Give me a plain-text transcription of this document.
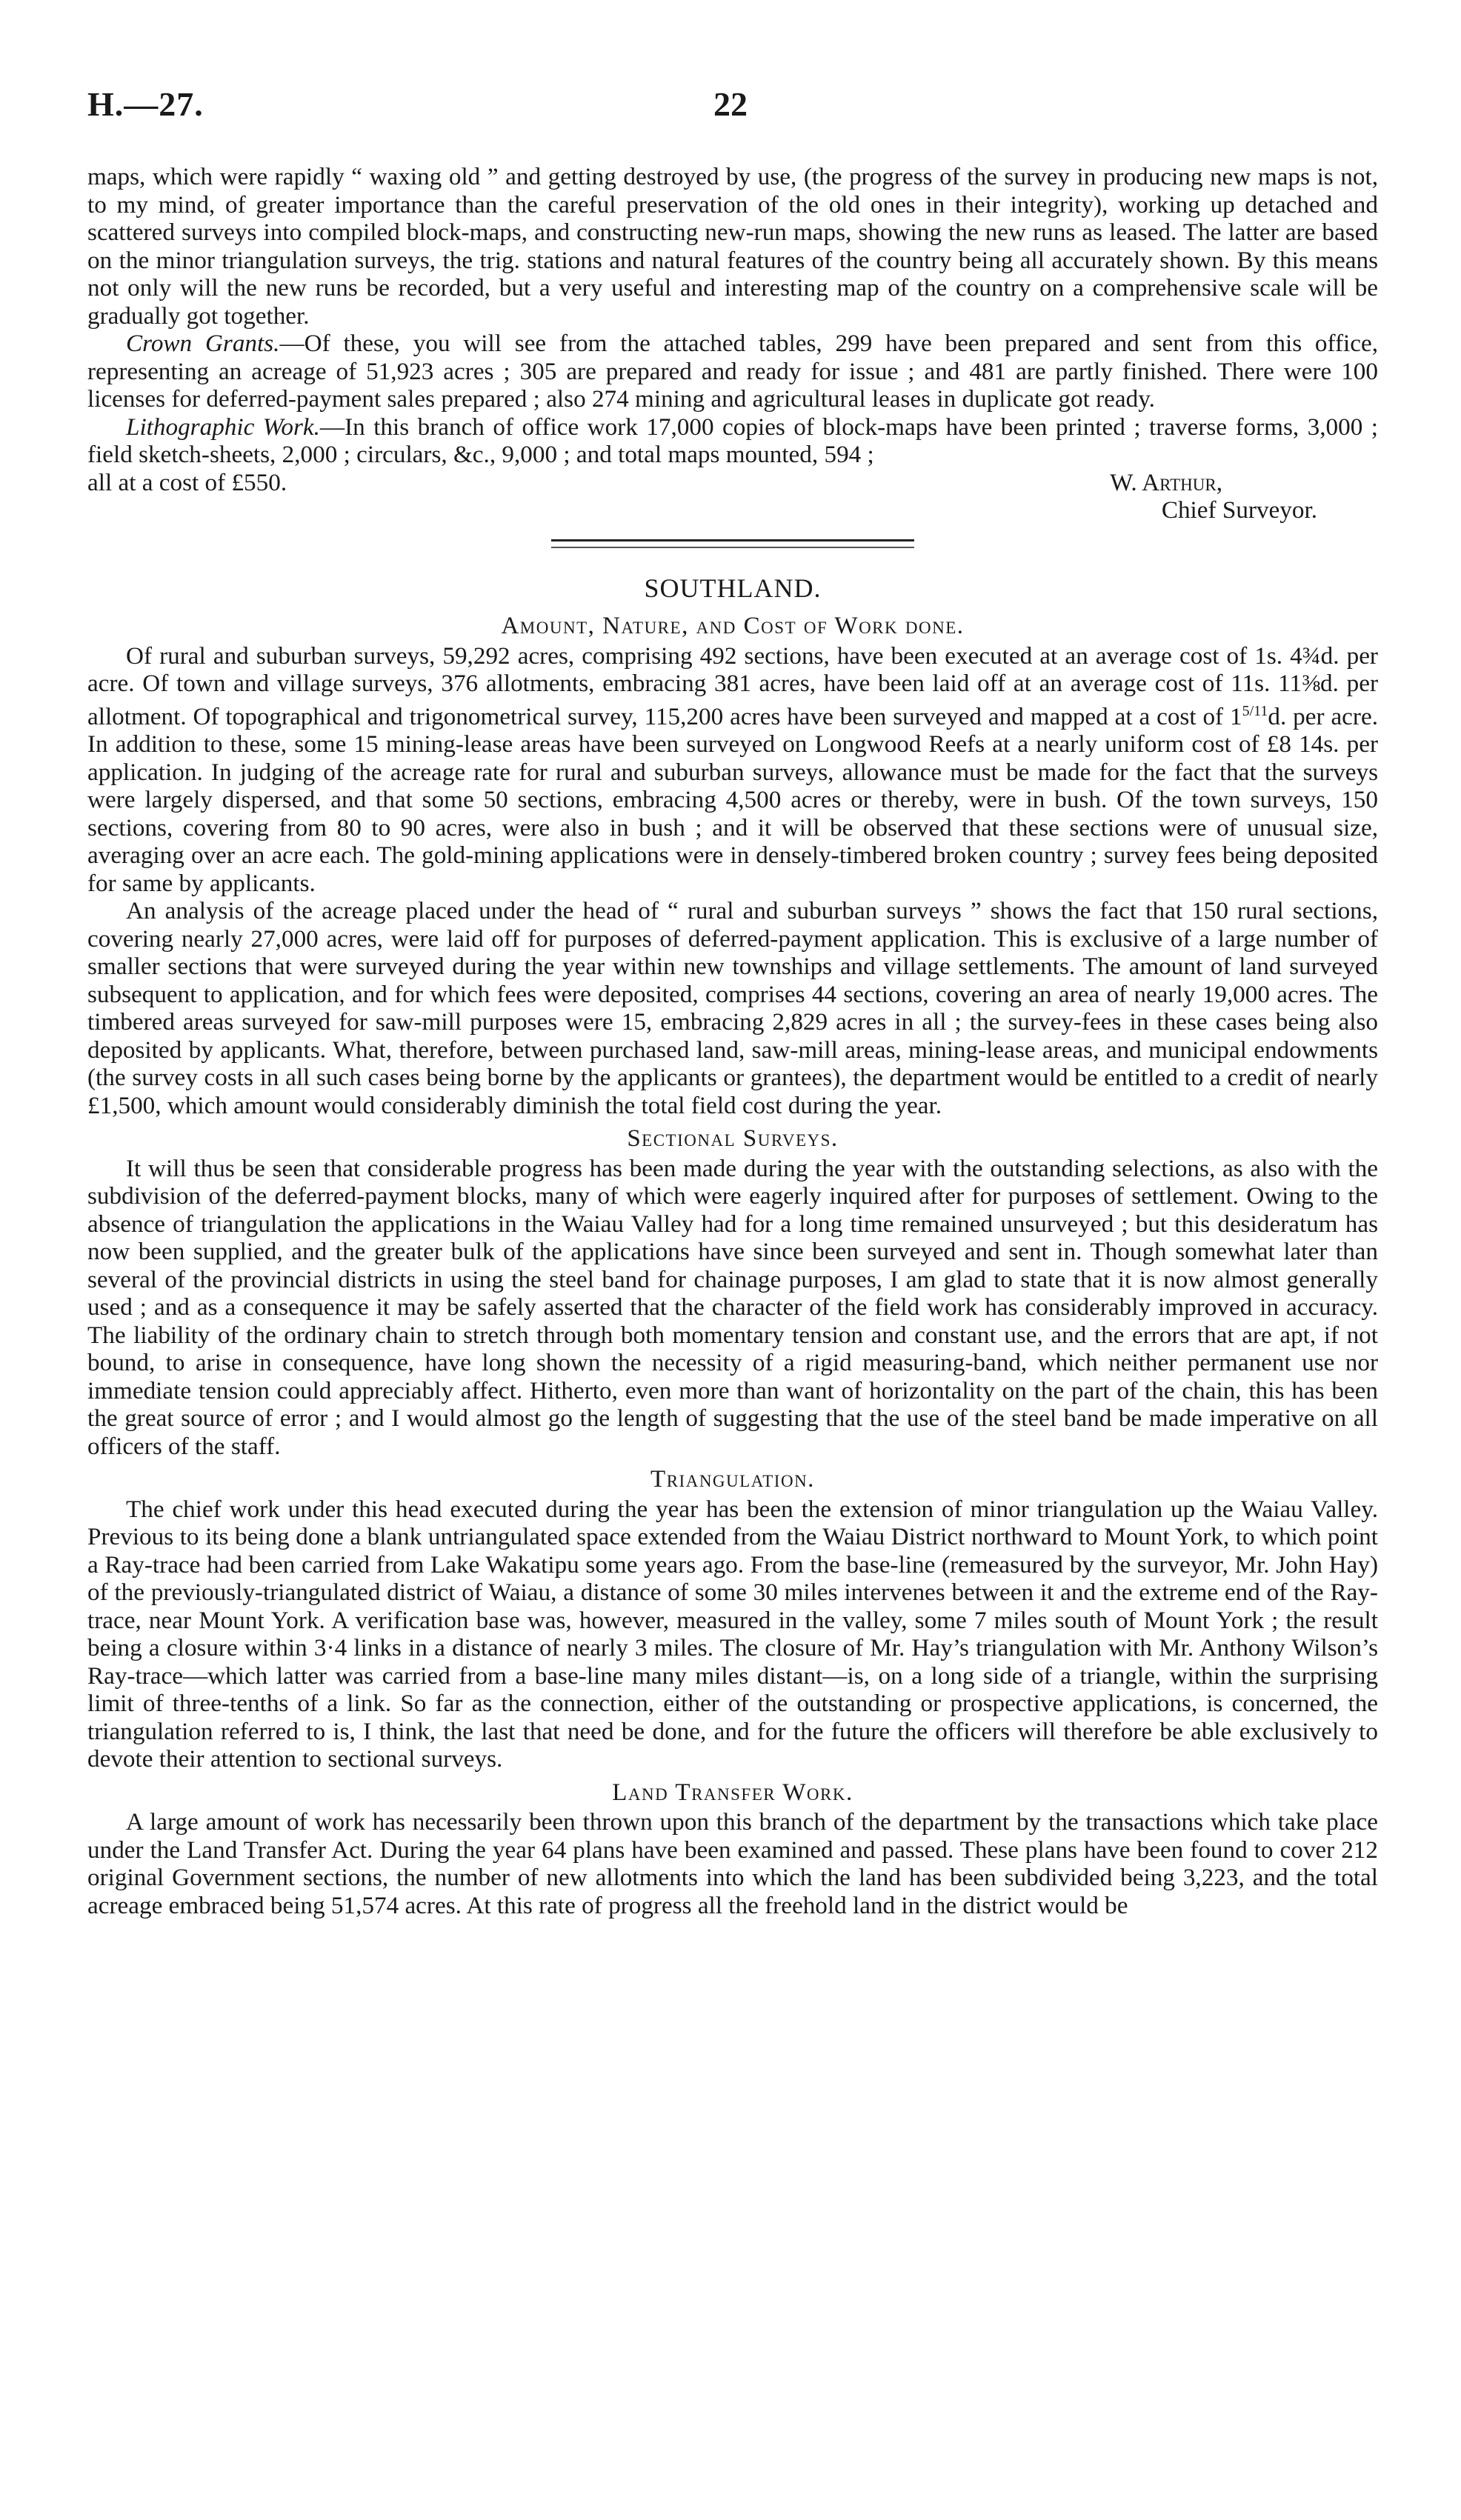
H.—27.	22

maps, which were rapidly “ waxing old ” and getting destroyed by use, (the progress of the survey in producing new maps is not, to my mind, of greater importance than the careful preservation of the old ones in their integrity), working up detached and scattered surveys into compiled block-maps, and constructing new-run maps, showing the new runs as leased. The latter are based on the minor triangulation surveys, the trig. stations and natural features of the country being all accurately shown. By this means not only will the new runs be recorded, but a very useful and interesting map of the country on a comprehensive scale will be gradually got together.

Crown Grants.—Of these, you will see from the attached tables, 299 have been prepared and sent from this office, representing an acreage of 51,923 acres ; 305 are prepared and ready for issue ; and 481 are partly finished. There were 100 licenses for deferred-payment sales prepared ; also 274 mining and agricultural leases in duplicate got ready.

Lithographic Work.—In this branch of office work 17,000 copies of block-maps have been printed ; traverse forms, 3,000 ; field sketch-sheets, 2,000 ; circulars, &c., 9,000 ; and total maps mounted, 594 ;

all at a cost of £550.	W. Arthur,
Chief Surveyor.
SOUTHLAND.
Amount, Nature, and Cost of Work done.

Of rural and suburban surveys, 59,292 acres, comprising 492 sections, have been executed at an average cost of 1s. 4¾d. per acre. Of town and village surveys, 376 allotments, embracing 381 acres, have been laid off at an average cost of 11s. 11⅜d. per allotment. Of topographical and trigonometrical survey, 115,200 acres have been surveyed and mapped at a cost of $1^{5/11}d$. per acre. In addition to these, some 15 mining-lease areas have been surveyed on Longwood Reefs at a nearly uniform cost of £8 14s. per application. In judging of the acreage rate for rural and suburban surveys, allowance must be made for the fact that the surveys were largely dispersed, and that some 50 sections, embracing 4,500 acres or thereby, were in bush. Of the town surveys, 150 sections, covering from 80 to 90 acres, were also in bush ; and it will be observed that these sections were of unusual size, averaging over an acre each. The gold-mining applications were in densely-timbered broken country ; survey fees being deposited for same by applicants.

An analysis of the acreage placed under the head of “ rural and suburban surveys ” shows the fact that 150 rural sections, covering nearly 27,000 acres, were laid off for purposes of deferred-payment application. This is exclusive of a large number of smaller sections that were surveyed during the year within new townships and village settlements. The amount of land surveyed subsequent to application, and for which fees were deposited, comprises 44 sections, covering an area of nearly 19,000 acres. The timbered areas surveyed for saw-mill purposes were 15, embracing 2,829 acres in all ; the survey-fees in these cases being also deposited by applicants. What, therefore, between purchased land, saw-mill areas, mining-lease areas, and municipal endowments (the survey costs in all such cases being borne by the applicants or grantees), the department would be entitled to a credit of nearly £1,500, which amount would considerably diminish the total field cost during the year.

Sectional Surveys.

It will thus be seen that considerable progress has been made during the year with the outstanding selections, as also with the subdivision of the deferred-payment blocks, many of which were eagerly inquired after for purposes of settlement. Owing to the absence of triangulation the applications in the Waiau Valley had for a long time remained unsurveyed ; but this desideratum has now been supplied, and the greater bulk of the applications have since been surveyed and sent in. Though somewhat later than several of the provincial districts in using the steel band for chainage purposes, I am glad to state that it is now almost generally used ; and as a consequence it may be safely asserted that the character of the field work has considerably improved in accuracy. The liability of the ordinary chain to stretch through both momentary tension and constant use, and the errors that are apt, if not bound, to arise in consequence, have long shown the necessity of a rigid measuring-band, which neither permanent use nor immediate tension could appreciably affect. Hitherto, even more than want of horizontality on the part of the chain, this has been the great source of error ; and I would almost go the length of suggesting that the use of the steel band be made imperative on all officers of the staff.

Triangulation.

The chief work under this head executed during the year has been the extension of minor triangulation up the Waiau Valley. Previous to its being done a blank untriangulated space extended from the Waiau District northward to Mount York, to which point a Ray-trace had been carried from Lake Wakatipu some years ago. From the base-line (remeasured by the surveyor, Mr. John Hay) of the previously-triangulated district of Waiau, a distance of some 30 miles intervenes between it and the extreme end of the Ray-trace, near Mount York. A verification base was, however, measured in the valley, some 7 miles south of Mount York ; the result being a closure within 3·4 links in a distance of nearly 3 miles. The closure of Mr. Hay’s triangulation with Mr. Anthony Wilson’s Ray-trace—which latter was carried from a base-line many miles distant—is, on a long side of a triangle, within the surprising limit of three-tenths of a link. So far as the connection, either of the outstanding or prospective applications, is concerned, the triangulation referred to is, I think, the last that need be done, and for the future the officers will therefore be able exclusively to devote their attention to sectional surveys.

Land Transfer Work.

A large amount of work has necessarily been thrown upon this branch of the department by the transactions which take place under the Land Transfer Act. During the year 64 plans have been examined and passed. These plans have been found to cover 212 original Government sections, the number of new allotments into which the land has been subdivided being 3,223, and the total acreage embraced being 51,574 acres. At this rate of progress all the freehold land in the district would be
